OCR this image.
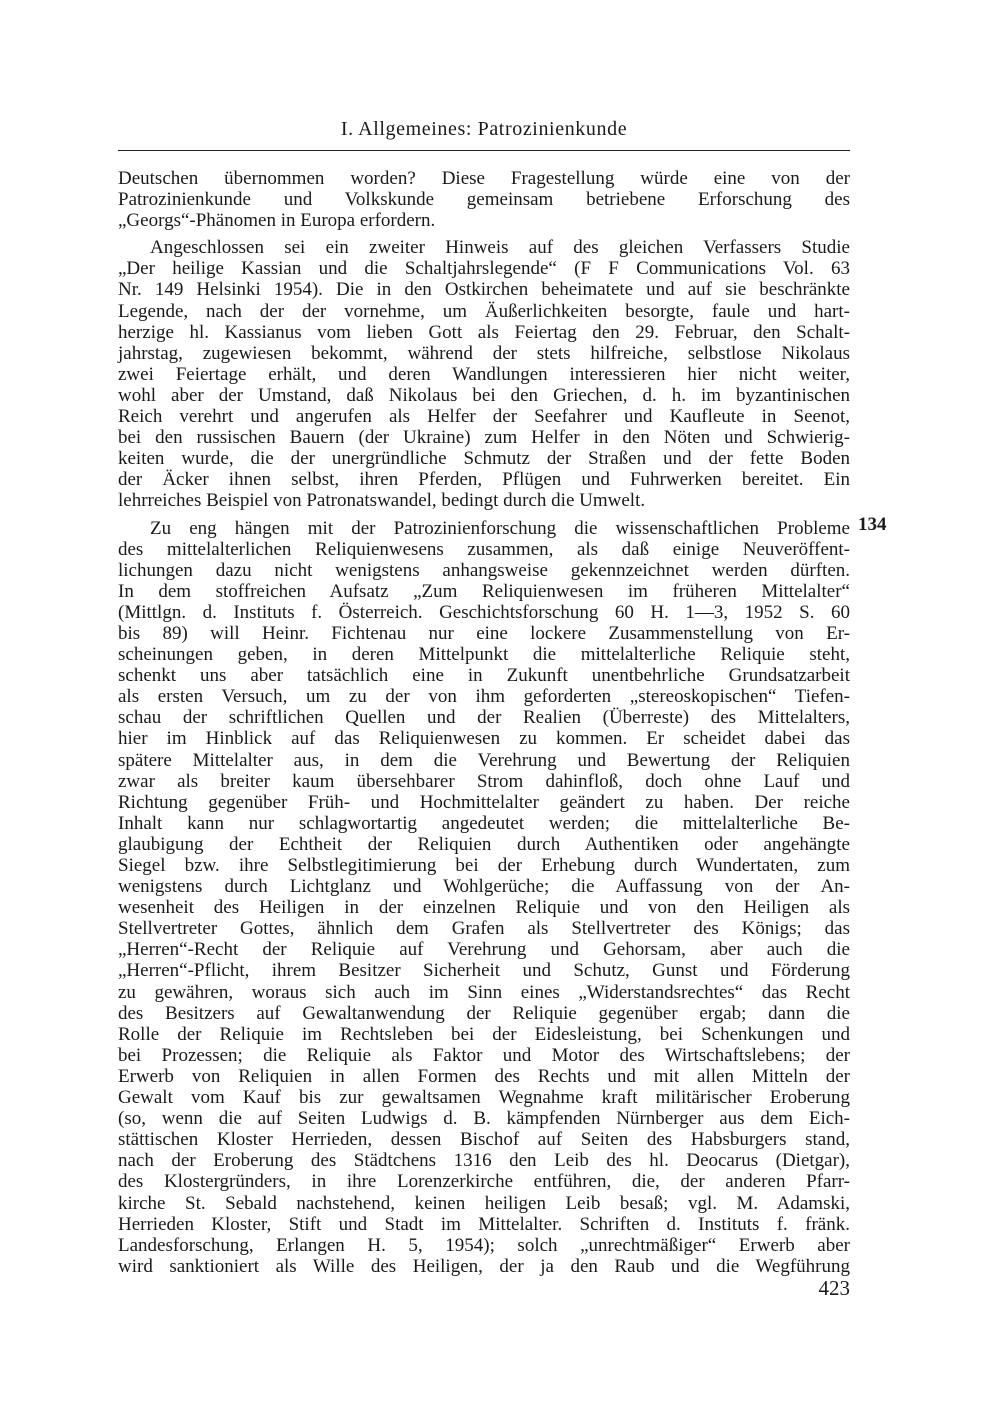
I. Allgemeines: Patrozinienkunde

Deutschen übernommen worden? Diese Fragestellung würde eine von der
Patrozinienkunde und Volkskunde gemeinsam betriebene Erforschung des
„Georgs“-Phänomen in Europa erfordern.

Angeschlossen sei ein zweiter Hinweis auf des gleichen Verfassers Studie
„Der heilige Kassian und die Schaltjahrslegende“ (F F Communications Vol. 63
Nr. 149 Helsinki 1954). Die in den Ostkirchen beheimatete und auf sie beschränkte
Legende, nach der der vornehme, um Äußerlichkeiten besorgte, faule und hart-
herzige hl. Kassianus vom lieben Gott als Feiertag den 29. Februar, den Schalt-
jahrstag, zugewiesen bekommt, während der stets hilfreiche, selbstlose Nikolaus
zwei Feiertage erhält, und deren Wandlungen interessieren hier nicht weiter,
wohl aber der Umstand, daß Nikolaus bei den Griechen, d. h. im byzantinischen
Reich verehrt und angerufen als Helfer der Seefahrer und Kaufleute in Seenot,
bei den russischen Bauern (der Ukraine) zum Helfer in den Nöten und Schwierig-
keiten wurde, die der unergründliche Schmutz der Straßen und der fette Boden
der Äcker ihnen selbst, ihren Pferden, Pflügen und Fuhrwerken bereitet. Ein
lehrreiches Beispiel von Patronatswandel, bedingt durch die Umwelt.

Zu eng hängen mit der Patrozinienforschung die wissenschaftlichen Probleme
des mittelalterlichen Reliquienwesens zusammen, als daß einige Neuveröffent-
lichungen dazu nicht wenigstens anhangsweise gekennzeichnet werden dürften.
In dem stoffreichen Aufsatz „Zum Reliquienwesen im früheren Mittelalter“
(Mittlgn. d. Instituts f. Österreich. Geschichtsforschung 60 H. 1—3, 1952 S. 60
bis 89) will Heinr. Fichtenau nur eine lockere Zusammenstellung von Er-
scheinungen geben, in deren Mittelpunkt die mittelalterliche Reliquie steht,
schenkt uns aber tatsächlich eine in Zukunft unentbehrliche Grundsatzarbeit
als ersten Versuch, um zu der von ihm geforderten „stereoskopischen“ Tiefen-
schau der schriftlichen Quellen und der Realien (Überreste) des Mittelalters,
hier im Hinblick auf das Reliquienwesen zu kommen. Er scheidet dabei das
spätere Mittelalter aus, in dem die Verehrung und Bewertung der Reliquien
zwar als breiter kaum übersehbarer Strom dahinfloß, doch ohne Lauf und
Richtung gegenüber Früh- und Hochmittelalter geändert zu haben. Der reiche
Inhalt kann nur schlagwortartig angedeutet werden; die mittelalterliche Be-
glaubigung der Echtheit der Reliquien durch Authentiken oder angehängte
Siegel bzw. ihre Selbstlegitimierung bei der Erhebung durch Wundertaten, zum
wenigstens durch Lichtglanz und Wohlgerüche; die Auffassung von der An-
wesenheit des Heiligen in der einzelnen Reliquie und von den Heiligen als
Stellvertreter Gottes, ähnlich dem Grafen als Stellvertreter des Königs; das
„Herren“-Recht der Reliquie auf Verehrung und Gehorsam, aber auch die
„Herren“-Pflicht, ihrem Besitzer Sicherheit und Schutz, Gunst und Förderung
zu gewähren, woraus sich auch im Sinn eines „Widerstandsrechtes“ das Recht
des Besitzers auf Gewaltanwendung der Reliquie gegenüber ergab; dann die
Rolle der Reliquie im Rechtsleben bei der Eidesleistung, bei Schenkungen und
bei Prozessen; die Reliquie als Faktor und Motor des Wirtschaftslebens; der
Erwerb von Reliquien in allen Formen des Rechts und mit allen Mitteln der
Gewalt vom Kauf bis zur gewaltsamen Wegnahme kraft militärischer Eroberung
(so, wenn die auf Seiten Ludwigs d. B. kämpfenden Nürnberger aus dem Eich-
stättischen Kloster Herrieden, dessen Bischof auf Seiten des Habsburgers stand,
nach der Eroberung des Städtchens 1316 den Leib des hl. Deocarus (Dietgar),
des Klostergründers, in ihre Lorenzerkirche entführen, die, der anderen Pfarr-
kirche St. Sebald nachstehend, keinen heiligen Leib besaß; vgl. M. Adamski,
Herrieden Kloster, Stift und Stadt im Mittelalter. Schriften d. Instituts f. fränk.
Landesforschung, Erlangen H. 5, 1954); solch „unrechtmäßiger“ Erwerb aber
wird sanktioniert als Wille des Heiligen, der ja den Raub und die Wegführung

134
423
